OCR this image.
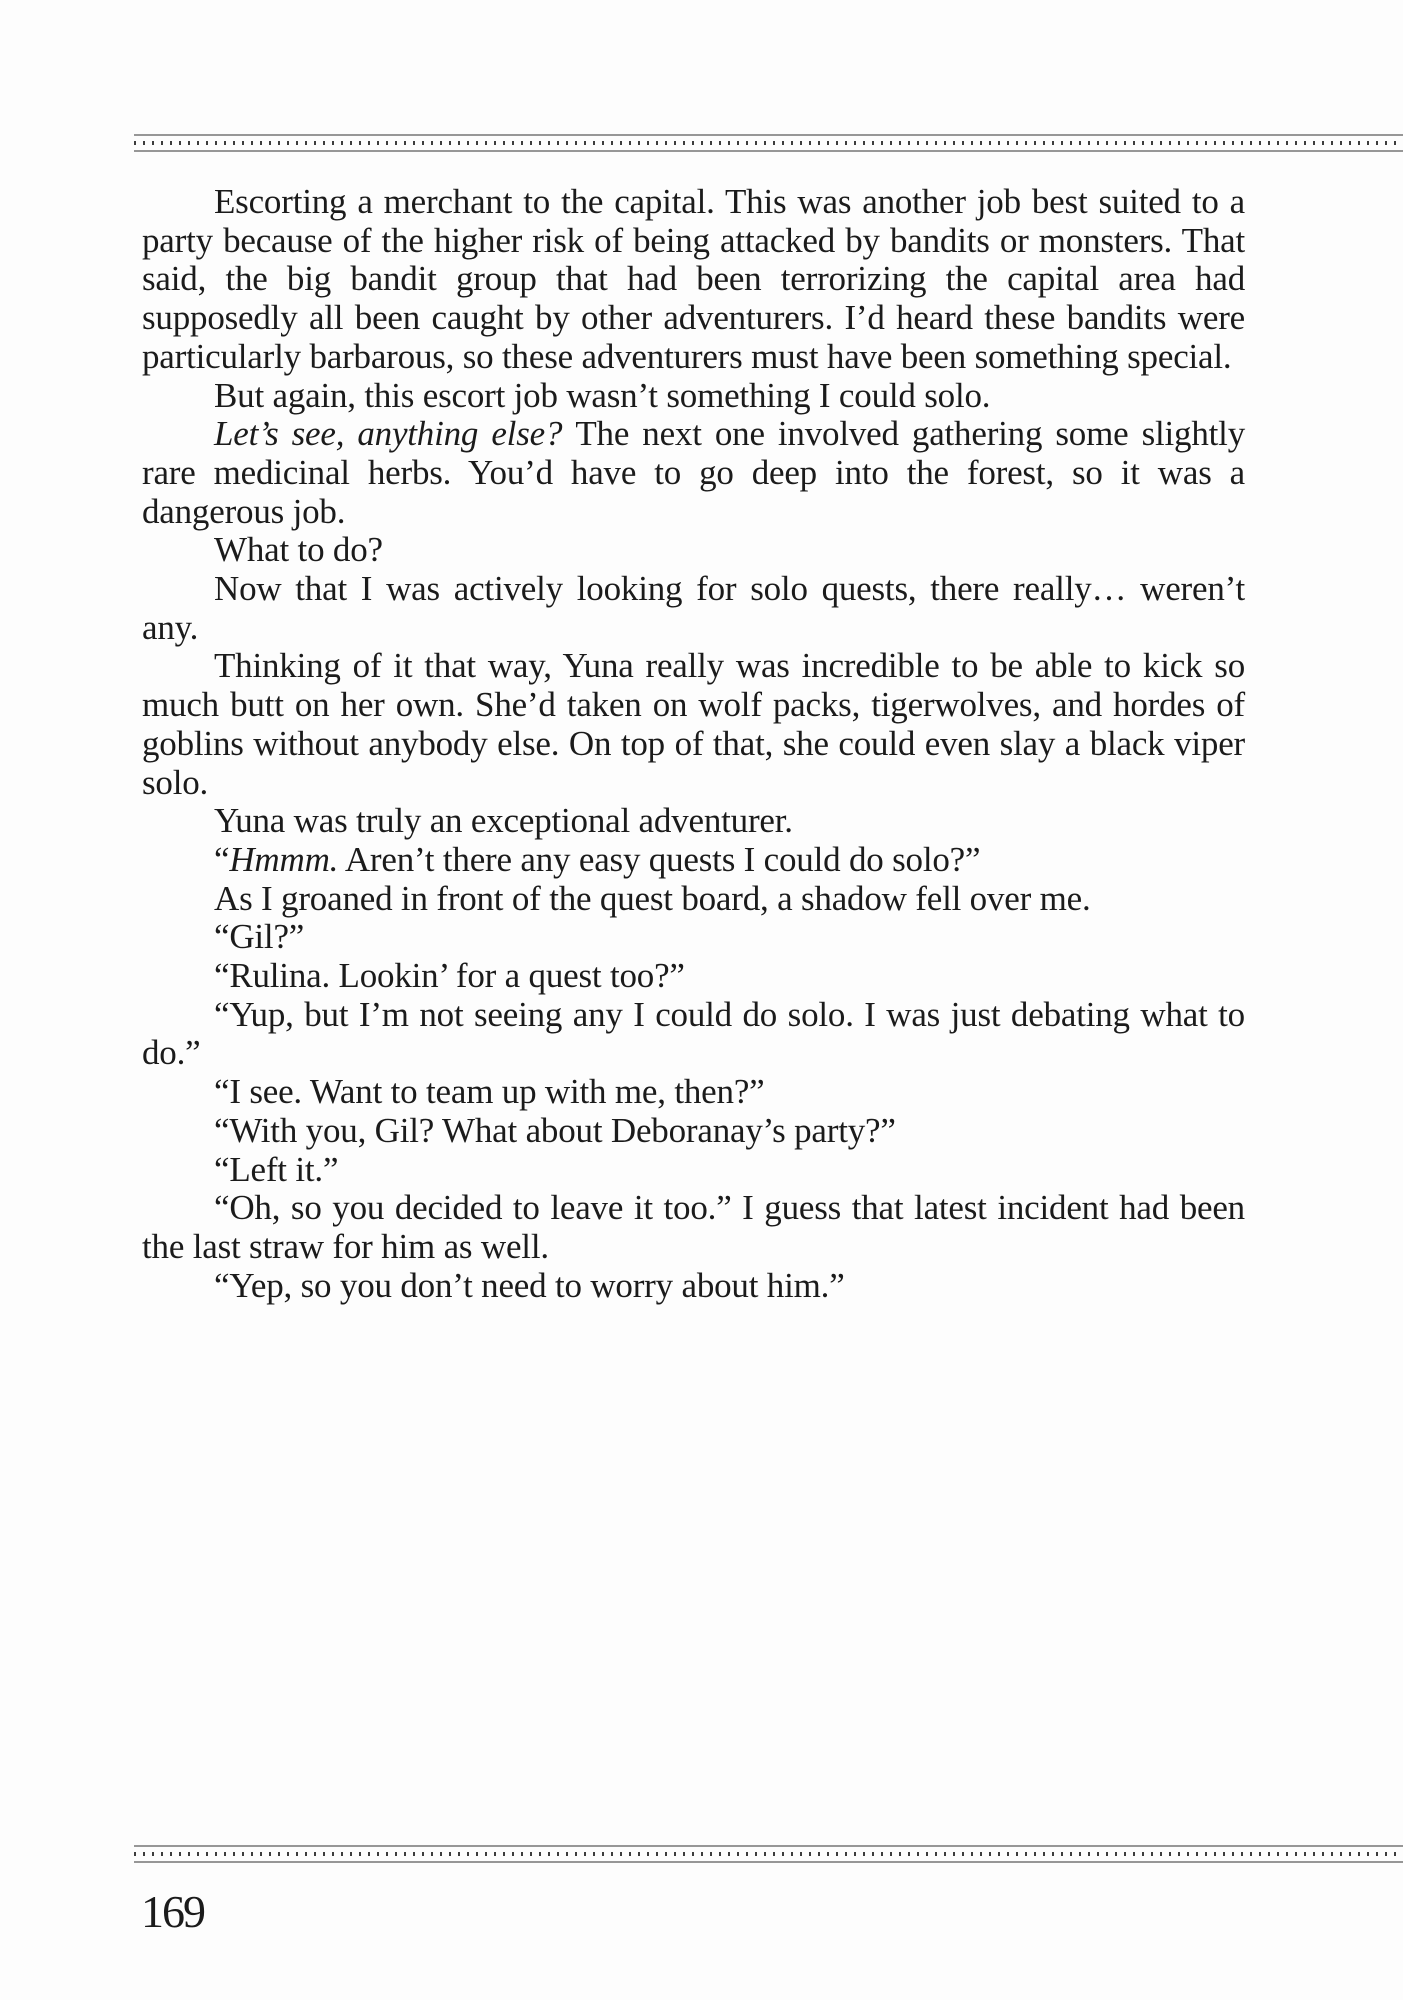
Escorting a merchant to the capital. This was another job best suited to a party because of the higher risk of being attacked by bandits or monsters. That said, the big bandit group that had been terrorizing the capital area had supposedly all been caught by other adventurers. I’d heard these bandits were particularly barbarous, so these adventurers must have been something special.

But again, this escort job wasn’t something I could solo.

Let’s see, anything else? The next one involved gathering some slightly rare medicinal herbs. You’d have to go deep into the forest, so it was a dangerous job.

What to do?

Now that I was actively looking for solo quests, there really… weren’t any.

Thinking of it that way, Yuna really was incredible to be able to kick so much butt on her own. She’d taken on wolf packs, tigerwolves, and hordes of goblins without anybody else. On top of that, she could even slay a black viper solo.

Yuna was truly an exceptional adventurer.

“Hmmm. Aren’t there any easy quests I could do solo?”

As I groaned in front of the quest board, a shadow fell over me.

“Gil?”

“Rulina. Lookin’ for a quest too?”

“Yup, but I’m not seeing any I could do solo. I was just debating what to do.”

“I see. Want to team up with me, then?”

“With you, Gil? What about Deboranay’s party?”

“Left it.”

“Oh, so you decided to leave it too.” I guess that latest incident had been the last straw for him as well.

“Yep, so you don’t need to worry about him.”

169
